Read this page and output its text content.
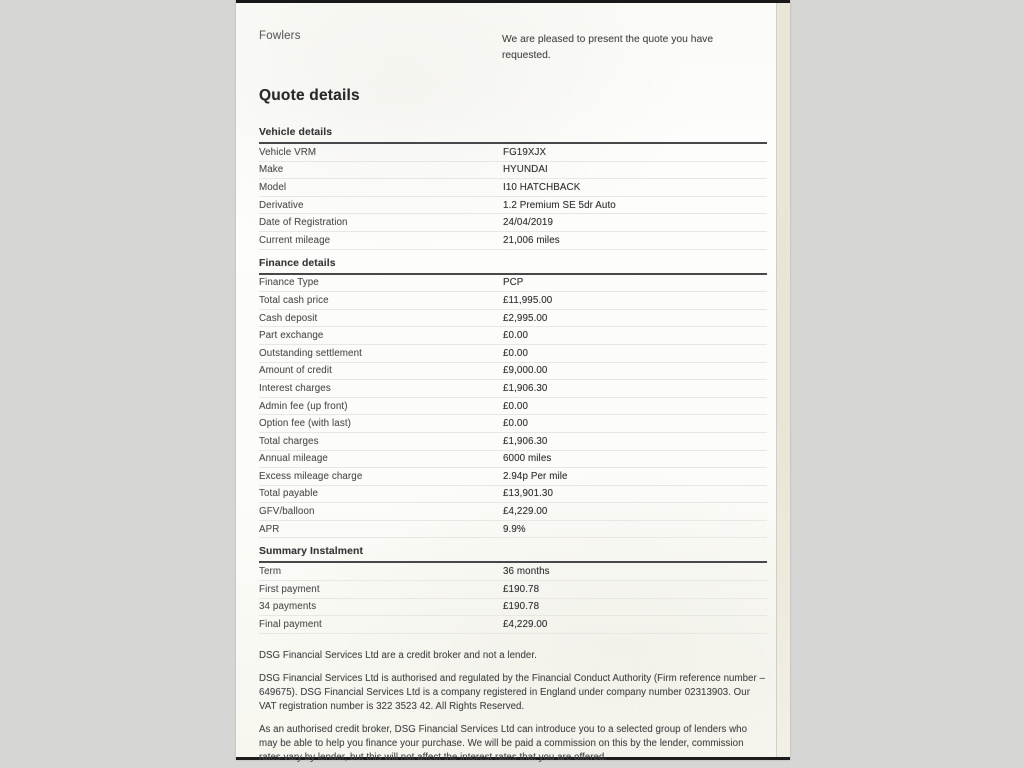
Fowlers	We are pleased to present the quote you have requested.
Quote details
Vehicle details
Vehicle VRM	FG19XJX
Make	HYUNDAI
Model	I10 HATCHBACK
Derivative	1.2 Premium SE 5dr Auto
Date of Registration	24/04/2019
Current mileage	21,006 miles
Finance details
Finance Type	PCP
Total cash price	£11,995.00
Cash deposit	£2,995.00
Part exchange	£0.00
Outstanding settlement	£0.00
Amount of credit	£9,000.00
Interest charges	£1,906.30
Admin fee (up front)	£0.00
Option fee (with last)	£0.00
Total charges	£1,906.30
Annual mileage	6000 miles
Excess mileage charge	2.94p Per mile
Total payable	£13,901.30
GFV/balloon	£4,229.00
APR	9.9%
Summary Instalment
Term	36 months
First payment	£190.78
34 payments	£190.78
Final payment	£4,229.00

DSG Financial Services Ltd are a credit broker and not a lender.

DSG Financial Services Ltd is authorised and regulated by the Financial Conduct Authority (Firm reference number – 649675). DSG Financial Services Ltd is a company registered in England under company number 02313903. Our VAT registration number is 322 3523 42. All Rights Reserved.

As an authorised credit broker, DSG Financial Services Ltd can introduce you to a selected group of lenders who may be able to help you finance your purchase. We will be paid a commission on this by the lender, commission rates vary by lender, but this will not affect the interest rates that you are offered.
